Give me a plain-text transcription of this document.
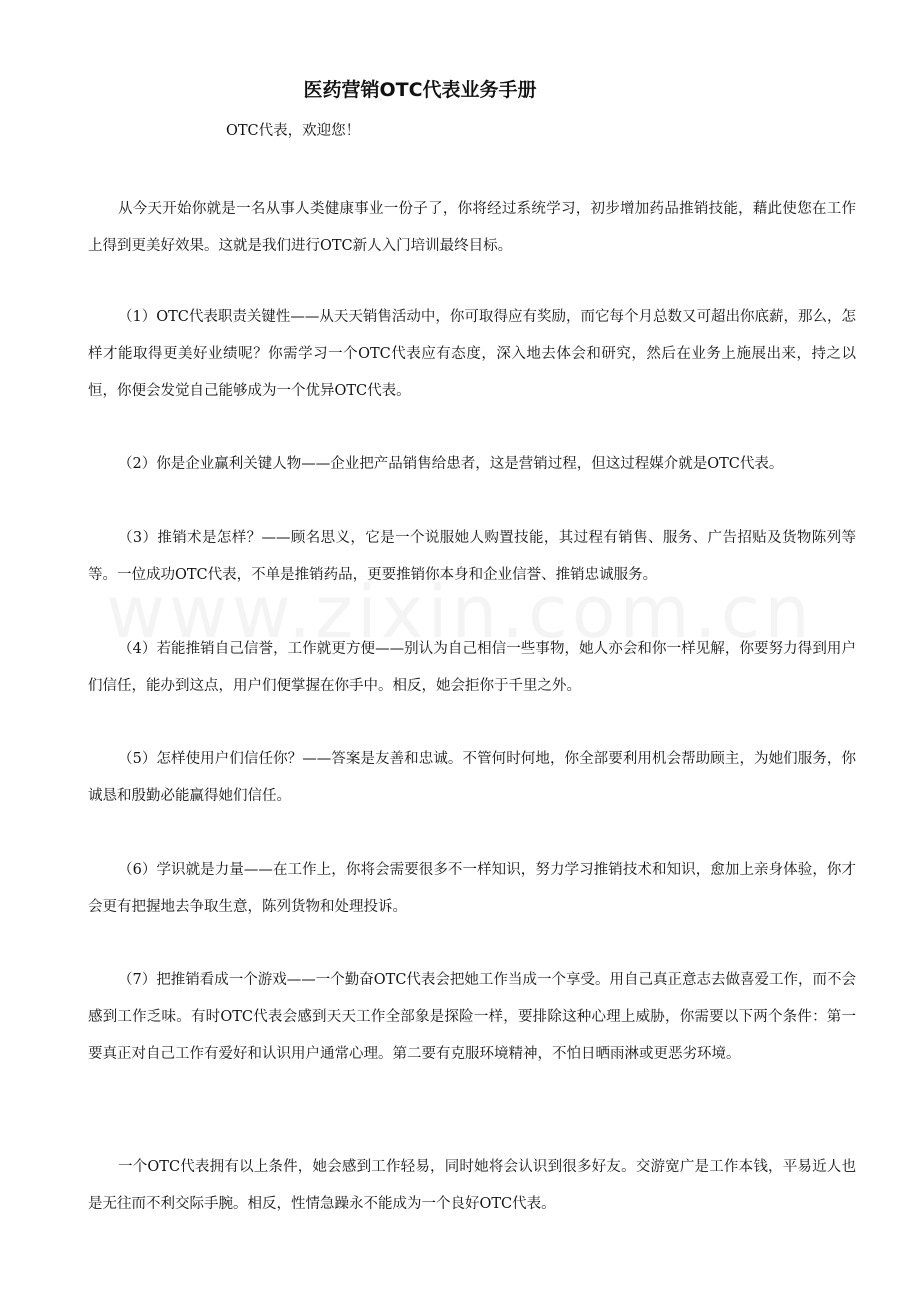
医药营销OTC代表业务手册

OTC代表，欢迎您！

从今天开始你就是一名从事人类健康事业一份子了，你将经过系统学习，初步增加药品推销技能，藉此使您在工作上得到更美好效果。这就是我们进行OTC新人入门培训最终目标。

（1）OTC代表职责关键性——从天天销售活动中，你可取得应有奖励，而它每个月总数又可超出你底薪，那么，怎样才能取得更美好业绩呢？你需学习一个OTC代表应有态度，深入地去体会和研究，然后在业务上施展出来，持之以恒，你便会发觉自己能够成为一个优异OTC代表。

（2）你是企业赢利关键人物——企业把产品销售给患者，这是营销过程，但这过程媒介就是OTC代表。

（3）推销术是怎样？——顾名思义，它是一个说服她人购置技能，其过程有销售、服务、广告招贴及货物陈列等等。一位成功OTC代表，不单是推销药品，更要推销你本身和企业信誉、推销忠诚服务。

（4）若能推销自己信誉，工作就更方便——别认为自己相信一些事物，她人亦会和你一样见解，你要努力得到用户们信任，能办到这点，用户们便掌握在你手中。相反，她会拒你于千里之外。

（5）怎样使用户们信任你？——答案是友善和忠诚。不管何时何地，你全部要利用机会帮助顾主，为她们服务，你诚恳和殷勤必能赢得她们信任。

（6）学识就是力量——在工作上，你将会需要很多不一样知识，努力学习推销技术和知识，愈加上亲身体验，你才会更有把握地去争取生意，陈列货物和处理投诉。

（7）把推销看成一个游戏——一个勤奋OTC代表会把她工作当成一个享受。用自己真正意志去做喜爱工作，而不会感到工作乏味。有时OTC代表会感到天天工作全部象是探险一样，要排除这种心理上威胁，你需要以下两个条件：第一要真正对自己工作有爱好和认识用户通常心理。第二要有克服环境精神，不怕日晒雨淋或更恶劣环境。

一个OTC代表拥有以上条件，她会感到工作轻易，同时她将会认识到很多好友。交游宽广是工作本钱，平易近人也是无往而不利交际手腕。相反，性情急躁永不能成为一个良好OTC代表。
